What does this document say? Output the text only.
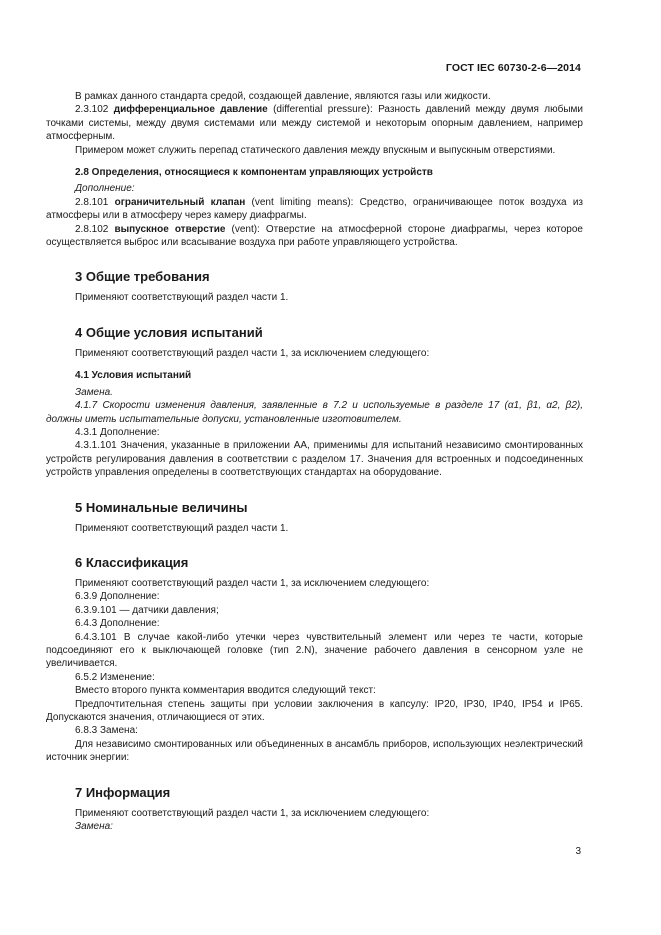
ГОСТ IEC 60730-2-6—2014

В рамках данного стандарта средой, создающей давление, являются газы или жидкости.

2.3.102 дифференциальное давление (differential pressure): Разность давлений между двумя любыми точками системы, между двумя системами или между системой и некоторым опорным давлением, например атмосферным.

Примером может служить перепад статического давления между впускным и выпускным отверстиями.

2.8 Определения, относящиеся к компонентам управляющих устройств

Дополнение:

2.8.101 ограничительный клапан (vent limiting means): Средство, ограничивающее поток воздуха из атмосферы или в атмосферу через камеру диафрагмы.

2.8.102 выпускное отверстие (vent): Отверстие на атмосферной стороне диафрагмы, через которое осуществляется выброс или всасывание воздуха при работе управляющего устройства.

3 Общие требования

Применяют соответствующий раздел части 1.

4 Общие условия испытаний

Применяют соответствующий раздел части 1, за исключением следующего:

4.1 Условия испытаний

Замена.

4.1.7 Скорости изменения давления, заявленные в 7.2 и используемые в разделе 17 (α1, β1, α2, β2), должны иметь испытательные допуски, установленные изготовителем.

4.3.1 Дополнение:

4.3.1.101 Значения, указанные в приложении АА, применимы для испытаний независимо смонтированных устройств регулирования давления в соответствии с разделом 17. Значения для встроенных и подсоединенных устройств управления определены в соответствующих стандартах на оборудование.

5 Номинальные величины

Применяют соответствующий раздел части 1.

6 Классификация

Применяют соответствующий раздел части 1, за исключением следующего:

6.3.9 Дополнение:

6.3.9.101 — датчики давления;

6.4.3 Дополнение:

6.4.3.101 В случае какой-либо утечки через чувствительный элемент или через те части, которые подсоединяют его к выключающей головке (тип 2.N), значение рабочего давления в сенсорном узле не увеличивается.

6.5.2 Изменение:

Вместо второго пункта комментария вводится следующий текст:

Предпочтительная степень защиты при условии заключения в капсулу: IP20, IP30, IP40, IP54 и IP65. Допускаются значения, отличающиеся от этих.

6.8.3 Замена:

Для независимо смонтированных или объединенных в ансамбль приборов, использующих неэлектрический источник энергии:

7 Информация

Применяют соответствующий раздел части 1, за исключением следующего:

Замена:

3
